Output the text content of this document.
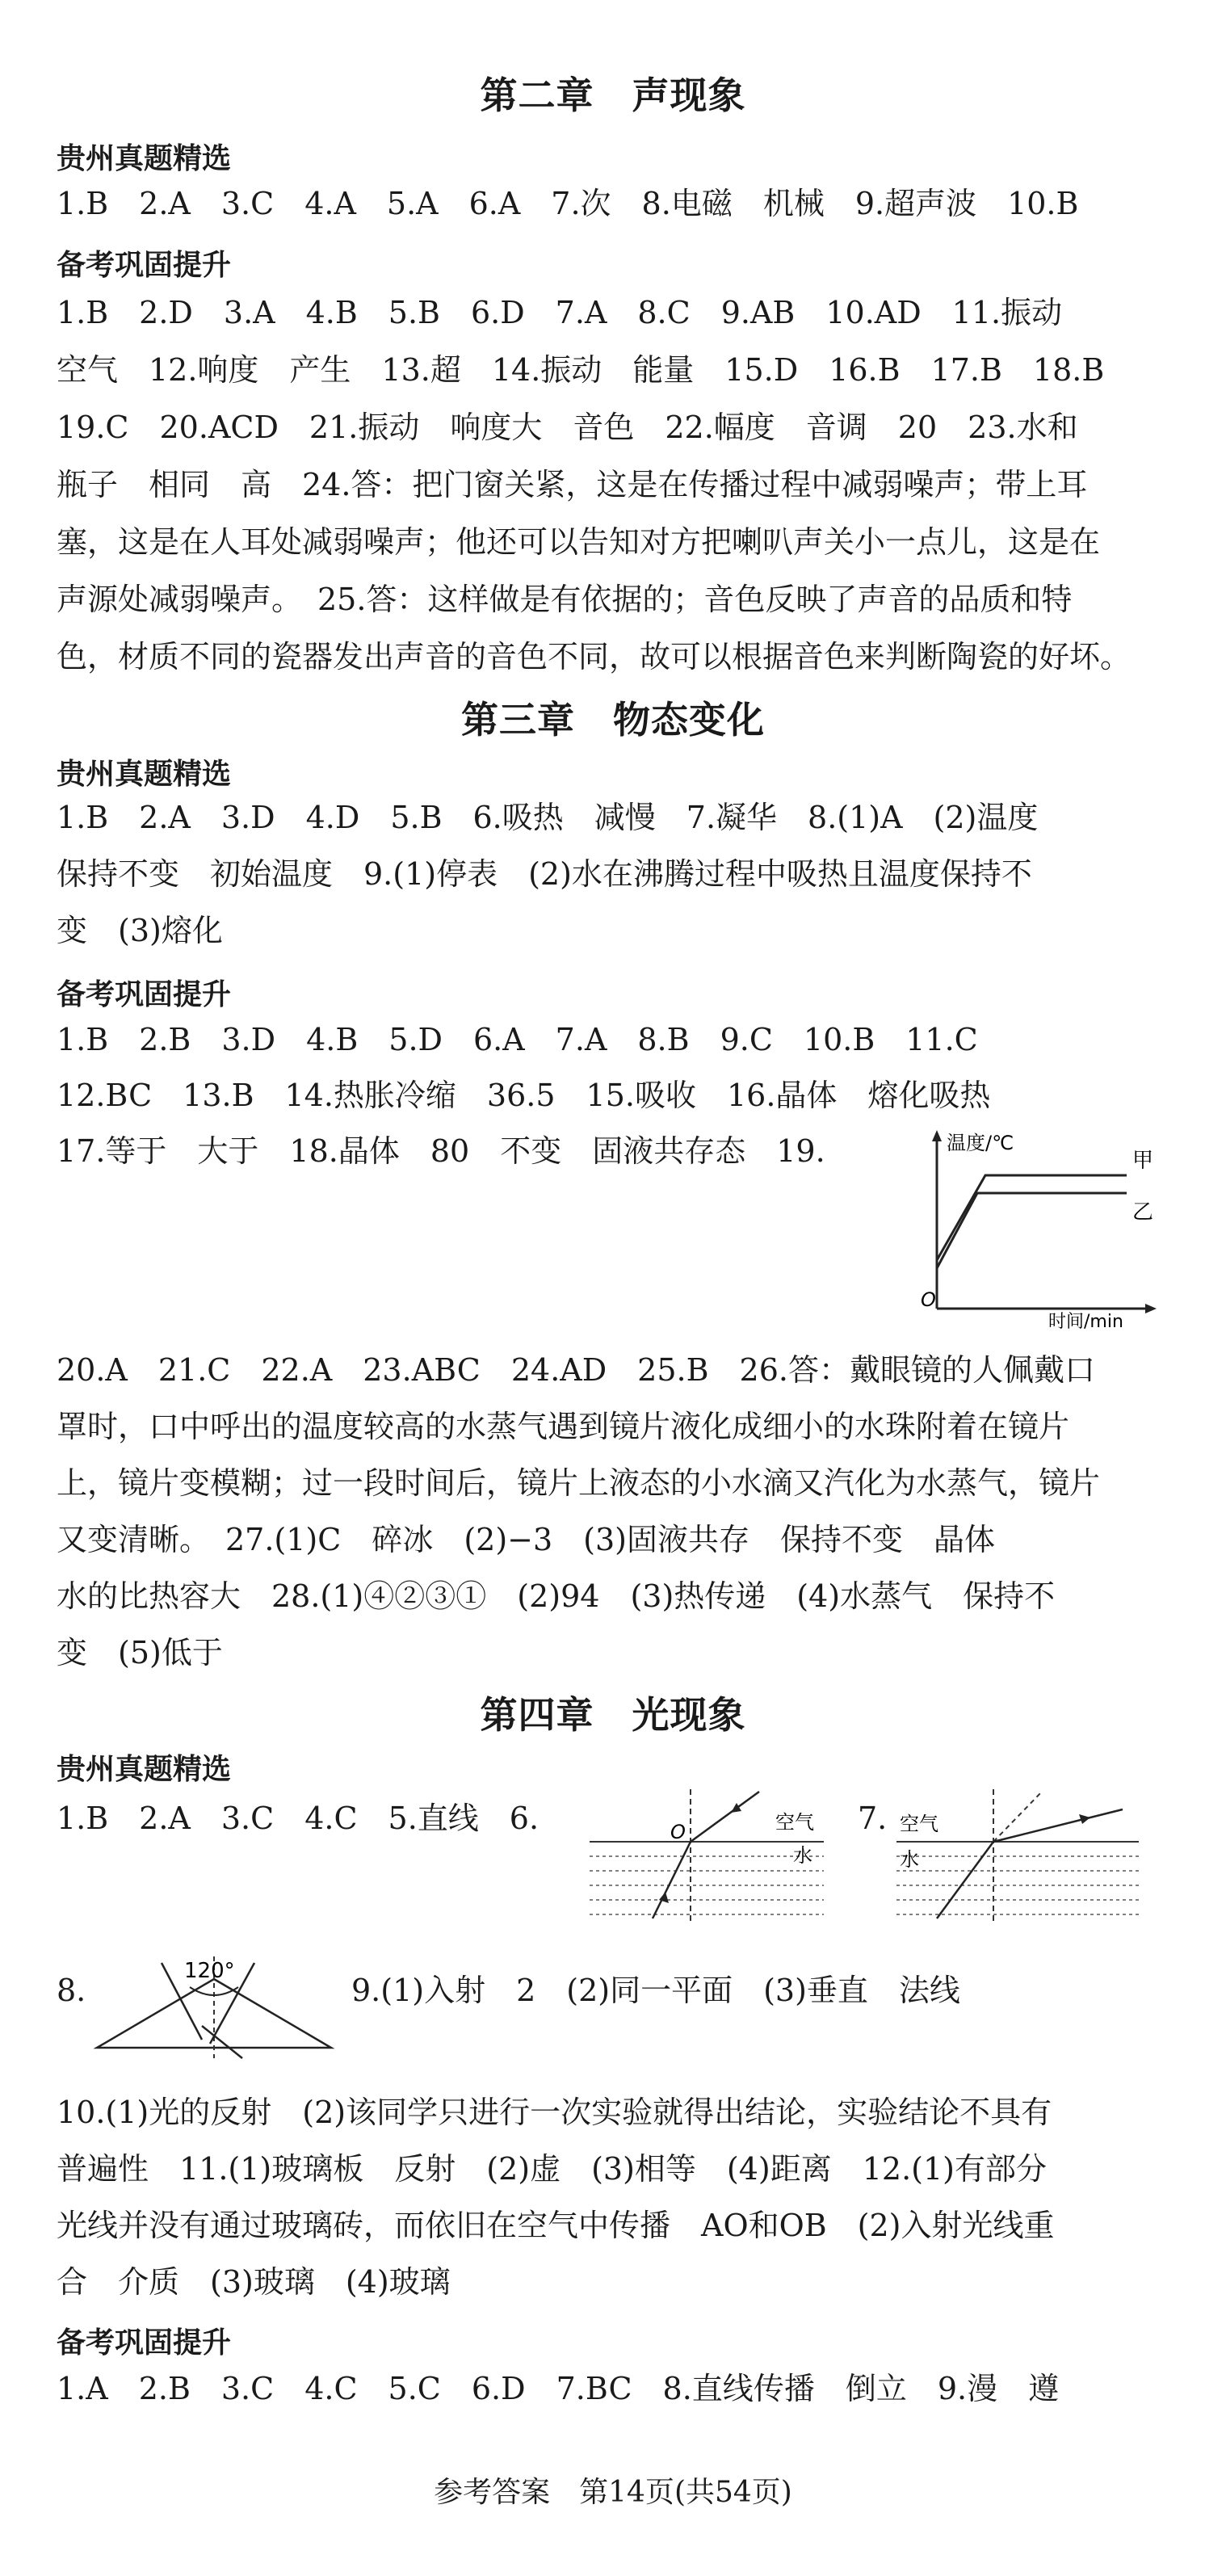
第二章　声现象
贵州真题精选
1.B　2.A　3.C　4.A　5.A　6.A　7.次　8.电磁　机械　9.超声波　10.B
备考巩固提升
1.B　2.D　3.A　4.B　5.B　6.D　7.A　8.C　9.AB　10.AD　11.振动
空气　12.响度　产生　13.超　14.振动　能量　15.D　16.B　17.B　18.B
19.C　20.ACD　21.振动　响度大　音色　22.幅度　音调　20　23.水和
瓶子　相同　高　24.答：把门窗关紧，这是在传播过程中减弱噪声；带上耳
塞，这是在人耳处减弱噪声；他还可以告知对方把喇叭声关小一点儿，这是在
声源处减弱噪声。　25.答：这样做是有依据的；音色反映了声音的品质和特
色，材质不同的瓷器发出声音的音色不同，故可以根据音色来判断陶瓷的好坏。
第三章　物态变化
贵州真题精选
1.B　2.A　3.D　4.D　5.B　6.吸热　减慢　7.凝华　8.(1)A　(2)温度
保持不变　初始温度　9.(1)停表　(2)水在沸腾过程中吸热且温度保持不
变　(3)熔化
备考巩固提升
1.B　2.B　3.D　4.B　5.D　6.A　7.A　8.B　9.C　10.B　11.C
12.BC　13.B　14.热胀冷缩　36.5　15.吸收　16.晶体　熔化吸热
17.等于　大于　18.晶体　80　不变　固液共存态　19.	温度/℃
时间/min
O
甲
乙
20.A　21.C　22.A　23.ABC　24.AD　25.B　26.答：戴眼镜的人佩戴口
罩时，口中呼出的温度较高的水蒸气遇到镜片液化成细小的水珠附着在镜片
上，镜片变模糊；过一段时间后，镜片上液态的小水滴又汽化为水蒸气，镜片
又变清晰。　27.(1)C　碎冰　(2)−3　(3)固液共存　保持不变　晶体
水的比热容大　28.(1)④②③①　(2)94　(3)热传递　(4)水蒸气　保持不
变　(5)低于
第四章　光现象
贵州真题精选
1.B　2.A　3.C　4.C　5.直线　6.	7.
O	空气
水
空气
水
8.
120°
9.(1)入射　2　(2)同一平面　(3)垂直　法线
10.(1)光的反射　(2)该同学只进行一次实验就得出结论，实验结论不具有
普遍性　11.(1)玻璃板　反射　(2)虚　(3)相等　(4)距离　12.(1)有部分
光线并没有通过玻璃砖，而依旧在空气中传播　AO和OB　(2)入射光线重
合　介质　(3)玻璃　(4)玻璃
备考巩固提升
1.A　2.B　3.C　4.C　5.C　6.D　7.BC　8.直线传播　倒立　9.漫　遵
参考答案　第14页(共54页)
